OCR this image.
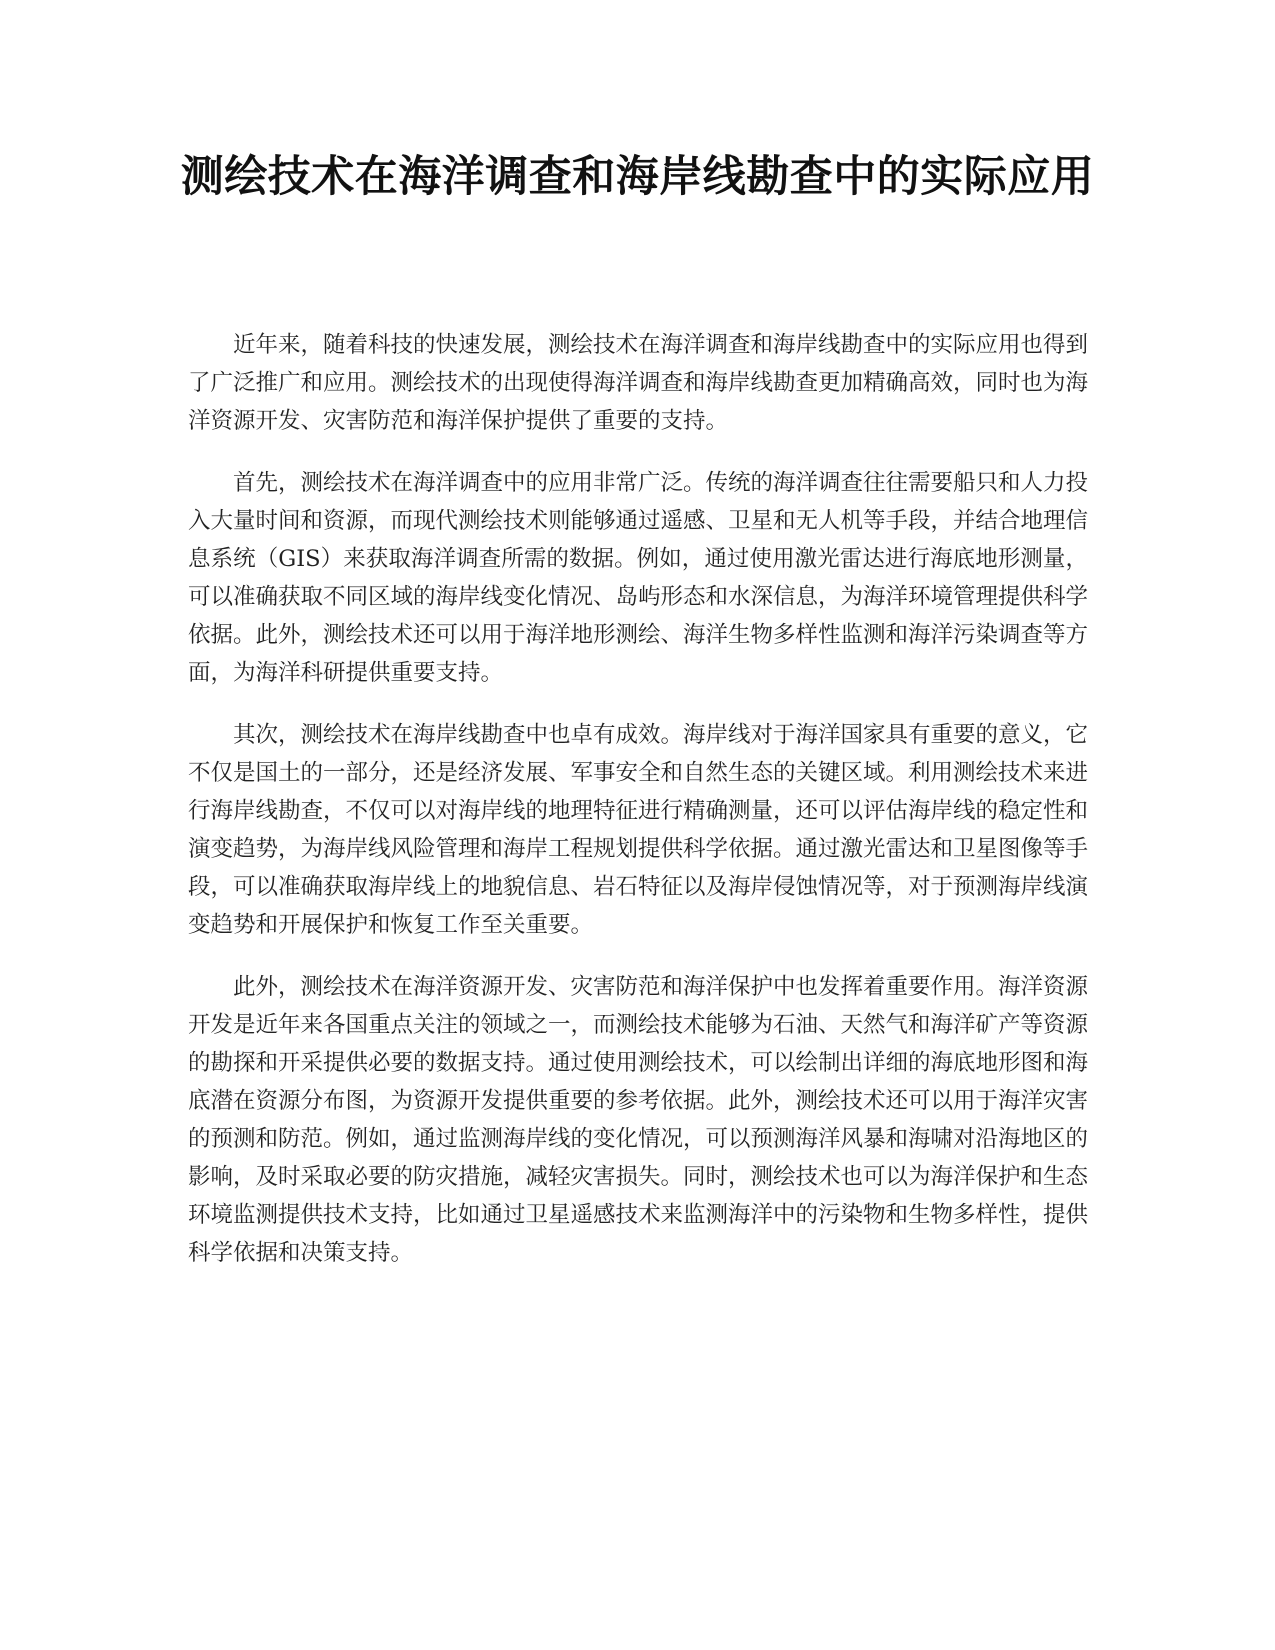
测绘技术在海洋调查和海岸线勘查中的实际应用

近年来，随着科技的快速发展，测绘技术在海洋调查和海岸线勘查中的实际应用也得到了广泛推广和应用。测绘技术的出现使得海洋调查和海岸线勘查更加精确高效，同时也为海洋资源开发、灾害防范和海洋保护提供了重要的支持。

首先，测绘技术在海洋调查中的应用非常广泛。传统的海洋调查往往需要船只和人力投入大量时间和资源，而现代测绘技术则能够通过遥感、卫星和无人机等手段，并结合地理信息系统（GIS）来获取海洋调查所需的数据。例如，通过使用激光雷达进行海底地形测量，可以准确获取不同区域的海岸线变化情况、岛屿形态和水深信息，为海洋环境管理提供科学依据。此外，测绘技术还可以用于海洋地形测绘、海洋生物多样性监测和海洋污染调查等方面，为海洋科研提供重要支持。

其次，测绘技术在海岸线勘查中也卓有成效。海岸线对于海洋国家具有重要的意义，它不仅是国土的一部分，还是经济发展、军事安全和自然生态的关键区域。利用测绘技术来进行海岸线勘查，不仅可以对海岸线的地理特征进行精确测量，还可以评估海岸线的稳定性和演变趋势，为海岸线风险管理和海岸工程规划提供科学依据。通过激光雷达和卫星图像等手段，可以准确获取海岸线上的地貌信息、岩石特征以及海岸侵蚀情况等，对于预测海岸线演变趋势和开展保护和恢复工作至关重要。

此外，测绘技术在海洋资源开发、灾害防范和海洋保护中也发挥着重要作用。海洋资源开发是近年来各国重点关注的领域之一，而测绘技术能够为石油、天然气和海洋矿产等资源的勘探和开采提供必要的数据支持。通过使用测绘技术，可以绘制出详细的海底地形图和海底潜在资源分布图，为资源开发提供重要的参考依据。此外，测绘技术还可以用于海洋灾害的预测和防范。例如，通过监测海岸线的变化情况，可以预测海洋风暴和海啸对沿海地区的影响，及时采取必要的防灾措施，减轻灾害损失。同时，测绘技术也可以为海洋保护和生态环境监测提供技术支持，比如通过卫星遥感技术来监测海洋中的污染物和生物多样性，提供科学依据和决策支持。
